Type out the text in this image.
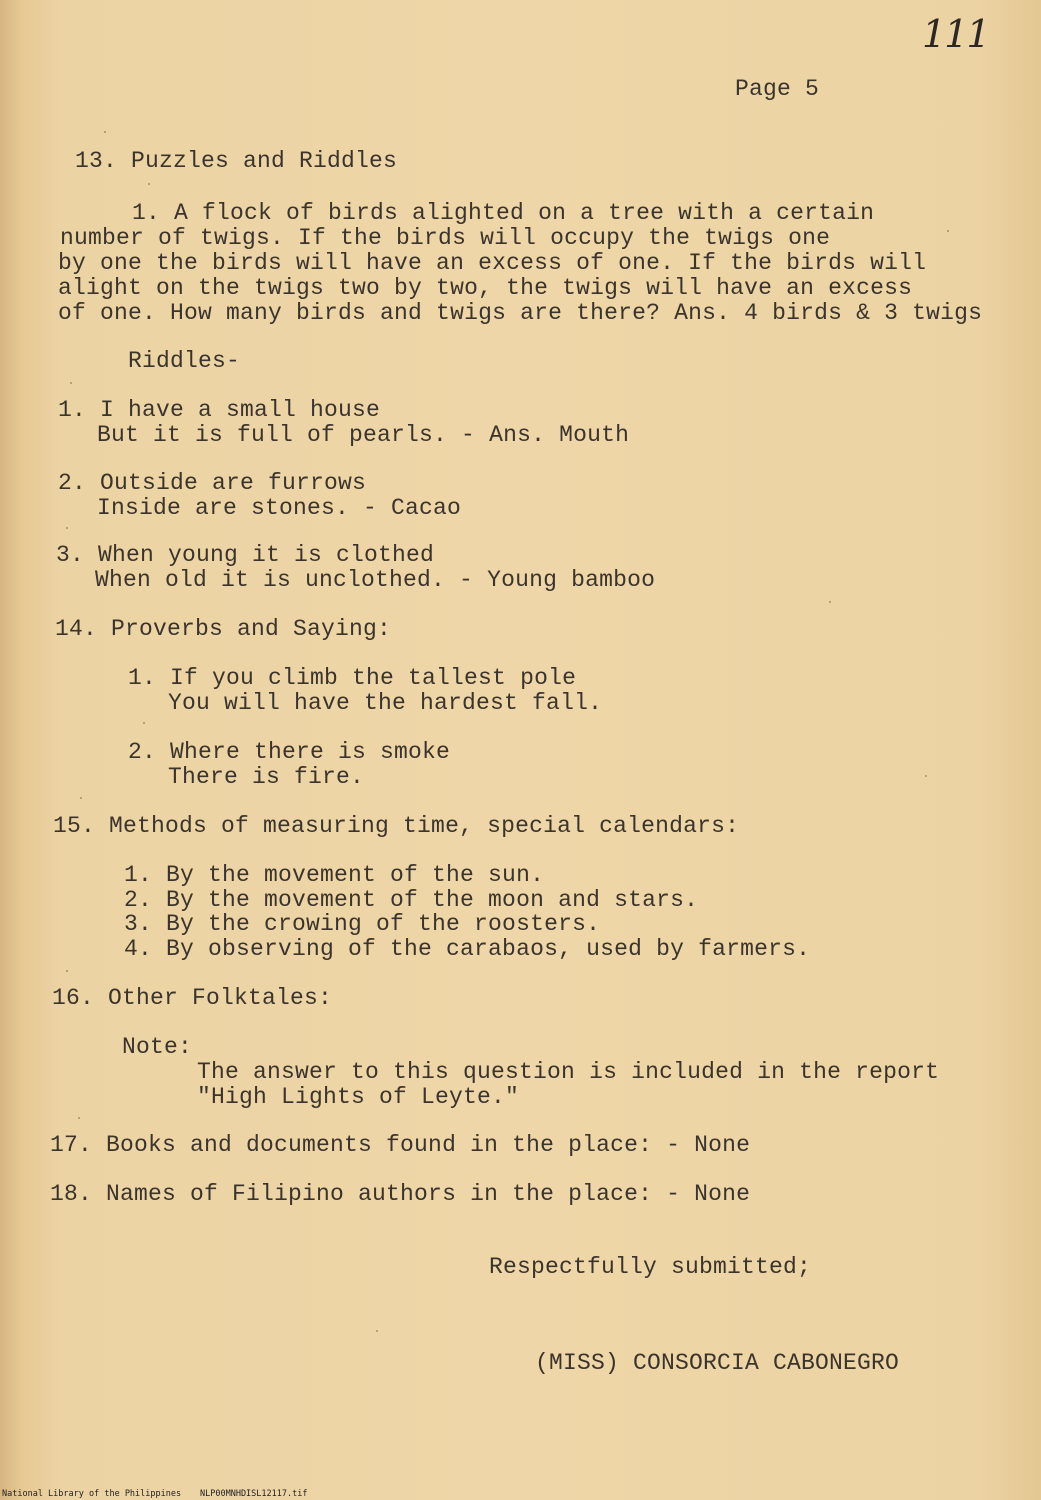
111
Page 5
13. Puzzles and Riddles
1. A flock of birds alighted on a tree with a certain
number of twigs. If the birds will occupy the twigs one
by one the birds will have an excess of one. If the birds will
alight on the twigs two by two, the twigs will have an excess
of one. How many birds and twigs are there? Ans. 4 birds & 3 twigs
Riddles-
1. I have a small house
But it is full of pearls. - Ans. Mouth
2. Outside are furrows
Inside are stones. - Cacao
3. When young it is clothed
When old it is unclothed. - Young bamboo
14. Proverbs and Saying:
1. If you climb the tallest pole
You will have the hardest fall.
2. Where there is smoke
There is fire.
15. Methods of measuring time, special calendars:
1. By the movement of the sun.
2. By the movement of the moon and stars.
3. By the crowing of the roosters.
4. By observing of the carabaos, used by farmers.
16. Other Folktales:
Note:
The answer to this question is included in the report
"High Lights of Leyte."
17. Books and documents found in the place: - None
18. Names of Filipino authors in the place: - None
Respectfully submitted;
(MISS) CONSORCIA CABONEGRO
National Library of the Philippines NLP00MNHDISL12117.tif
